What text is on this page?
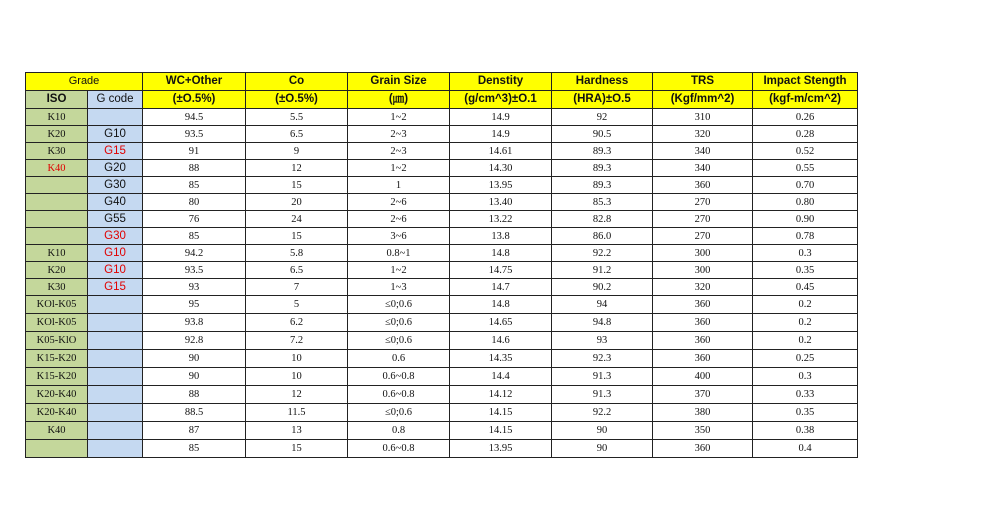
Grade		WC+Other	Co	Grain Size	Denstity	Hardness	TRS	Impact Stength
ISO	G code	(±O.5%)	(±O.5%)	(㎛)	(g/cm^3)±O.1	(HRA)±O.5	(Kgf/mm^2)	(kgf-m/cm^2)
K10		94.5	5.5	1~2	14.9	92	310	0.26
K20	G10	93.5	6.5	2~3	14.9	90.5	320	0.28
K30	G15	91	9	2~3	14.61	89.3	340	0.52
K40	G20	88	12	1~2	14.30	89.3	340	0.55
	G30	85	15	1	13.95	89.3	360	0.70
	G40	80	20	2~6	13.40	85.3	270	0.80
	G55	76	24	2~6	13.22	82.8	270	0.90
	G30	85	15	3~6	13.8	86.0	270	0.78
K10	G10	94.2	5.8	0.8~1	14.8	92.2	300	0.3
K20	G10	93.5	6.5	1~2	14.75	91.2	300	0.35
K30	G15	93	7	1~3	14.7	90.2	320	0.45
KOl-K05		95	5	≤0;0.6	14.8	94	360	0.2
KOl-K05		93.8	6.2	≤0;0.6	14.65	94.8	360	0.2
K05-KlO		92.8	7.2	≤0;0.6	14.6	93	360	0.2
K15-K20		90	10	0.6	14.35	92.3	360	0.25
K15-K20		90	10	0.6~0.8	14.4	91.3	400	0.3
K20-K40		88	12	0.6~0.8	14.12	91.3	370	0.33
K20-K40		88.5	11.5	≤0;0.6	14.15	92.2	380	0.35
K40		87	13	0.8	14.15	90	350	0.38
		85	15	0.6~0.8	13.95	90	360	0.4
